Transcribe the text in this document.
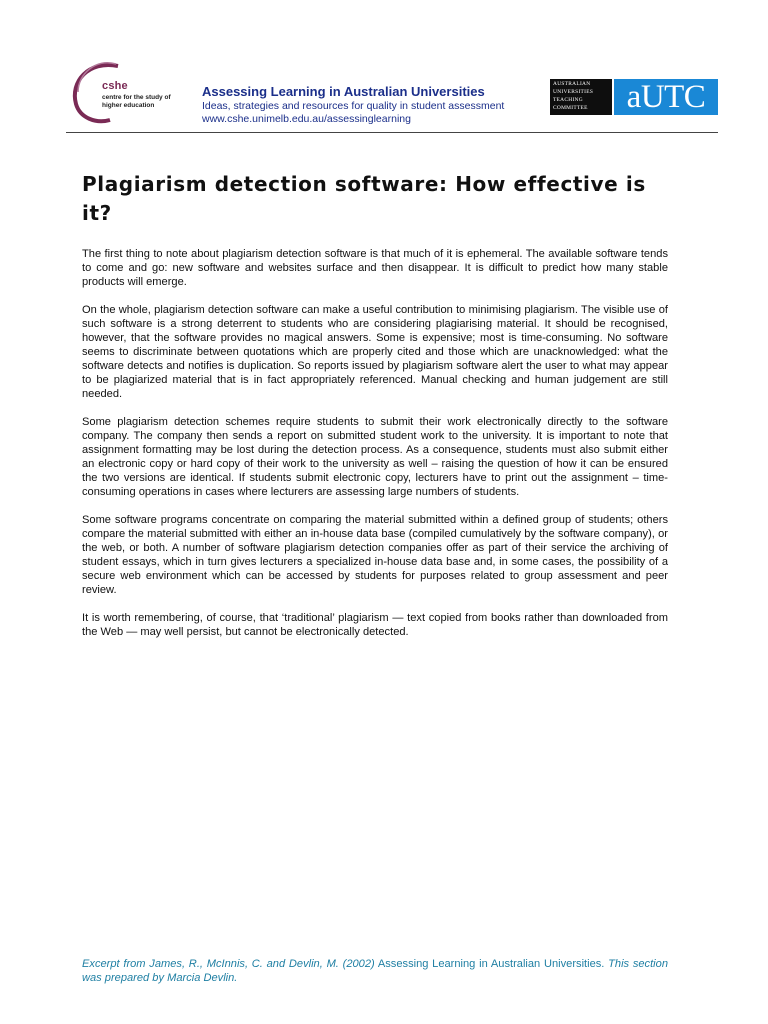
cshe
centre for the study of higher education
Assessing Learning in Australian Universities
Ideas, strategies and resources for quality in student assessment
www.cshe.unimelb.edu.au/assessinglearning
AUSTRALIAN UNIVERSITIES TEACHING COMMITTEE	aUTC
Plagiarism detection software: How effective is it?

The first thing to note about plagiarism detection software is that much of it is ephemeral. The available software tends to come and go: new software and websites surface and then disappear. It is difficult to predict how many stable products will emerge.

On the whole, plagiarism detection software can make a useful contribution to minimising plagiarism. The visible use of such software is a strong deterrent to students who are considering plagiarising material. It should be recognised, however, that the software provides no magical answers. Some is expensive; most is time-consuming. No software seems to discriminate between quotations which are properly cited and those which are unacknowledged: what the software detects and notifies is duplication. So reports issued by plagiarism software alert the user to what may appear to be plagiarized material that is in fact appropriately referenced. Manual checking and human judgement are still needed.

Some plagiarism detection schemes require students to submit their work electronically directly to the software company. The company then sends a report on submitted student work to the university. It is important to note that assignment formatting may be lost during the detection process. As a consequence, students must also submit either an electronic copy or hard copy of their work to the university as well – raising the question of how it can be ensured the two versions are identical. If students submit electronic copy, lecturers have to print out the assignment – time-consuming operations in cases where lecturers are assessing large numbers of students.

Some software programs concentrate on comparing the material submitted within a defined group of students; others compare the material submitted with either an in-house data base (compiled cumulatively by the software company), or the web, or both. A number of software plagiarism detection companies offer as part of their service the archiving of student essays, which in turn gives lecturers a specialized in-house data base and, in some cases, the possibility of a secure web environment which can be accessed by students for purposes related to group assessment and peer review.

It is worth remembering, of course, that ‘traditional’ plagiarism — text copied from books rather than downloaded from the Web — may well persist, but cannot be electronically detected.

Excerpt from James, R., McInnis, C. and Devlin, M. (2002) Assessing Learning in Australian Universities. This section was prepared by Marcia Devlin.
